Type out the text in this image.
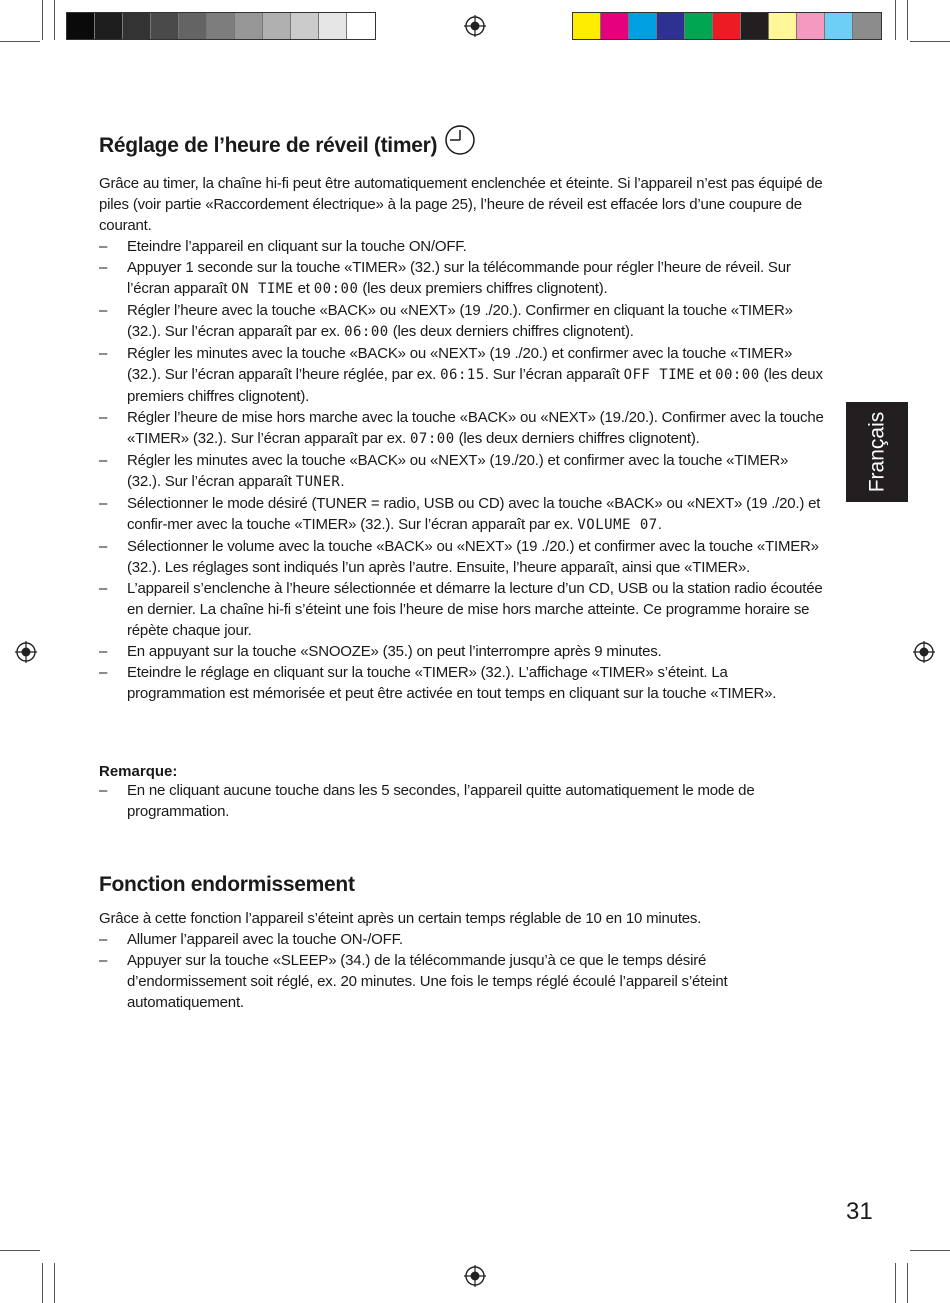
Français
Réglage de l’heure de réveil (timer)

Grâce au timer, la chaîne hi-fi peut être automatiquement enclenchée et éteinte. Si l’appareil n’est pas équipé de piles (voir partie «Raccordement électrique» à la page 25), l’heure de réveil est effacée lors d’une coupure de courant.

– Eteindre l’appareil en cliquant sur la touche ON/OFF.
– Appuyer 1 seconde sur la touche «TIMER» (32.) sur la télécommande pour régler l’heure de réveil. Sur l’écran apparaît ON TIME et 00:00 (les deux premiers chiffres clignotent).
– Régler l’heure avec la touche «BACK» ou «NEXT» (19 ./20.). Confirmer en cliquant la touche «TIMER» (32.). Sur l’écran apparaît par ex. 06:00 (les deux derniers chiffres clignotent).
– Régler les minutes avec la touche «BACK» ou «NEXT» (19 ./20.) et confirmer avec la touche «TIMER» (32.). Sur l’écran apparaît l’heure réglée, par ex. 06:15. Sur l’écran apparaît OFF TIME et 00:00 (les deux premiers chiffres clignotent).
– Régler l’heure de mise hors marche avec la touche «BACK» ou «NEXT» (19./20.). Confirmer avec la touche «TIMER» (32.). Sur l’écran apparaît par ex. 07:00 (les deux derniers chiffres clignotent).
– Régler les minutes avec la touche «BACK» ou «NEXT» (19./20.) et confirmer avec la touche «TIMER» (32.). Sur l’écran apparaît TUNER.
– Sélectionner le mode désiré (TUNER = radio, USB ou CD) avec la touche «BACK» ou «NEXT» (19 ./20.) et confir-mer avec la touche «TIMER» (32.). Sur l’écran apparaît par ex. VOLUME 07.
– Sélectionner le volume avec la touche «BACK» ou «NEXT» (19 ./20.) et confirmer avec la touche «TIMER» (32.). Les réglages sont indiqués l’un après l’autre. Ensuite, l’heure apparaît, ainsi que «TIMER».
– L’appareil s’enclenche à l’heure sélectionnée et démarre la lecture d’un CD, USB ou la station radio écoutée en dernier. La chaîne hi-fi s’éteint une fois l’heure de mise hors marche atteinte. Ce programme horaire se répète chaque jour.
– En appuyant sur la touche «SNOOZE» (35.) on peut l’interrompre après 9 minutes.
– Eteindre le réglage en cliquant sur la touche «TIMER» (32.). L’affichage «TIMER» s’éteint. La programmation est mémorisée et peut être activée en tout temps en cliquant sur la touche «TIMER».
Remarque:
– En ne cliquant aucune touche dans les 5 secondes, l’appareil quitte automatiquement le mode de programmation.
Fonction endormissement

Grâce à cette fonction l’appareil s’éteint après un certain temps réglable de 10 en 10 minutes.

– Allumer l’appareil avec la touche ON-/OFF.
– Appuyer sur la touche «SLEEP» (34.) de la télécommande jusqu’à ce que le temps désiré d’endormissement soit réglé, ex. 20 minutes. Une fois le temps réglé écoulé l’appareil s’éteint automatiquement.
31
